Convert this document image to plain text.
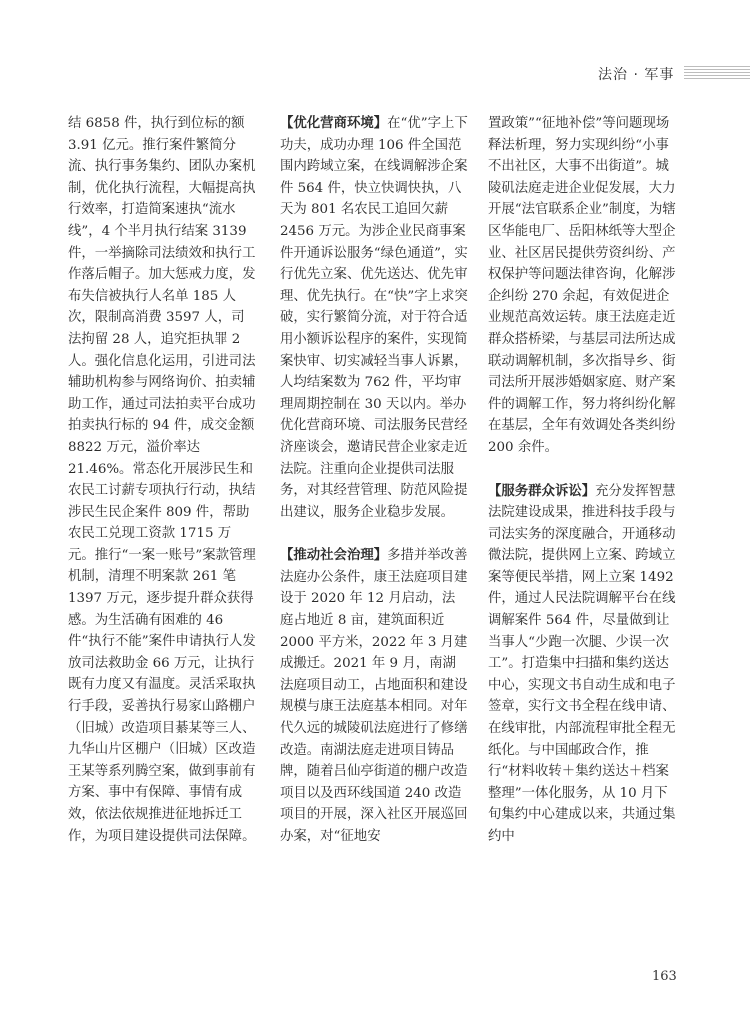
法治 · 军事

结 6858 件，执行到位标的额 3.91 亿元。推行案件繁简分流、执行事务集约、团队办案机制，优化执行流程，大幅提高执行效率，打造简案速执“流水线”，4 个半月执行结案 3139 件，一举摘除司法绩效和执行工作落后帽子。加大惩戒力度，发布失信被执行人名单 185 人次，限制高消费 3597 人，司法拘留 28 人，追究拒执罪 2 人。强化信息化运用，引进司法辅助机构参与网络询价、拍卖辅助工作，通过司法拍卖平台成功拍卖执行标的 94 件，成交金额 8822 万元，溢价率达 21.46%。常态化开展涉民生和农民工讨薪专项执行行动，执结涉民生民企案件 809 件，帮助农民工兑现工资款 1715 万元。推行“一案一账号”案款管理机制，清理不明案款 261 笔 1397 万元，逐步提升群众获得感。为生活确有困难的 46 件“执行不能”案件申请执行人发放司法救助金 66 万元，让执行既有力度又有温度。灵活采取执行手段，妥善执行易家山路棚户（旧城）改造项目綦某等三人、九华山片区棚户（旧城）区改造王某等系列腾空案，做到事前有方案、事中有保障、事情有成效，依法依规推进征地拆迁工作，为项目建设提供司法保障。

【优化营商环境】在“优”字上下功夫，成功办理 106 件全国范围内跨域立案，在线调解涉企案件 564 件，快立快调快执，八天为 801 名农民工追回欠薪 2456 万元。为涉企业民商事案件开通诉讼服务“绿色通道”，实行优先立案、优先送达、优先审理、优先执行。在“快”字上求突破，实行繁简分流，对于符合适用小额诉讼程序的案件，实现简案快审、切实减轻当事人诉累，人均结案数为 762 件，平均审理周期控制在 30 天以内。举办优化营商环境、司法服务民营经济座谈会，邀请民营企业家走近法院。注重向企业提供司法服务，对其经营管理、防范风险提出建议，服务企业稳步发展。

【推动社会治理】多措并举改善法庭办公条件，康王法庭项目建设于 2020 年 12 月启动，法庭占地近 8 亩，建筑面积近 2000 平方米，2022 年 3 月建成搬迁。2021 年 9 月，南湖法庭项目动工，占地面积和建设规模与康王法庭基本相同。对年代久远的城陵矶法庭进行了修缮改造。南湖法庭走进项目铸品牌，随着吕仙亭街道的棚户改造项目以及西环线国道 240 改造项目的开展，深入社区开展巡回办案，对“征地安

置政策”“征地补偿”等问题现场释法析理，努力实现纠纷“小事不出社区，大事不出街道”。城陵矶法庭走进企业促发展，大力开展“法官联系企业”制度，为辖区华能电厂、岳阳林纸等大型企业、社区居民提供劳资纠纷、产权保护等问题法律咨询，化解涉企纠纷 270 余起，有效促进企业规范高效运转。康王法庭走近群众搭桥梁，与基层司法所达成联动调解机制，多次指导乡、街司法所开展涉婚姻家庭、财产案件的调解工作，努力将纠纷化解在基层，全年有效调处各类纠纷 200 余件。

【服务群众诉讼】充分发挥智慧法院建设成果，推进科技手段与司法实务的深度融合，开通移动微法院，提供网上立案、跨域立案等便民举措，网上立案 1492 件，通过人民法院调解平台在线调解案件 564 件，尽量做到让当事人“少跑一次腿、少误一次工”。打造集中扫描和集约送达中心，实现文书自动生成和电子签章，实行文书全程在线申请、在线审批，内部流程审批全程无纸化。与中国邮政合作，推行“材料收转＋集约送达＋档案整理”一体化服务，从 10 月下旬集约中心建成以来，共通过集约中

163
